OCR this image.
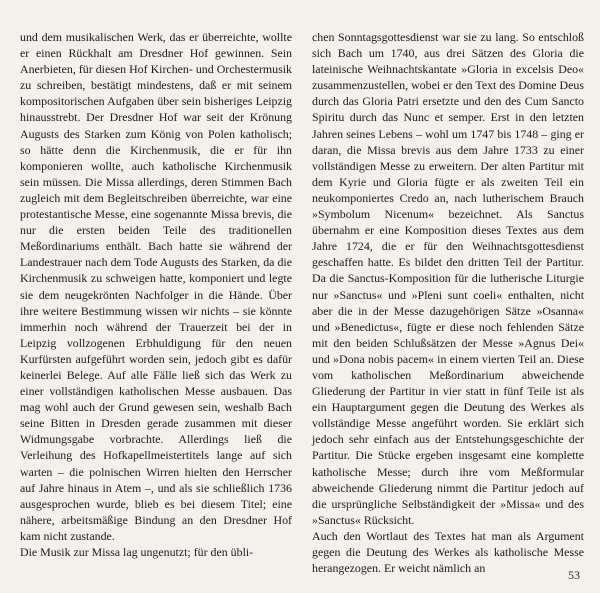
und dem musikalischen Werk, das er überreichte, wollte er einen Rückhalt am Dresdner Hof gewinnen. Sein Anerbieten, für diesen Hof Kirchen- und Orchestermusik zu schreiben, bestätigt mindestens, daß er mit seinem kompositorischen Aufgaben über sein bisheriges Leipzig hinausstrebt. Der Dresdner Hof war seit der Krönung Augusts des Starken zum König von Polen katholisch; so hätte denn die Kirchenmusik, die er für ihn komponieren wollte, auch katholische Kirchenmusik sein müssen. Die Missa allerdings, deren Stimmen Bach zugleich mit dem Begleitschreiben überreichte, war eine protestantische Messe, eine sogenannte Missa brevis, die nur die ersten beiden Teile des traditionellen Meßordinariums enthält. Bach hatte sie während der Landestrauer nach dem Tode Augusts des Starken, da die Kirchenmusik zu schweigen hatte, komponiert und legte sie dem neugekrönten Nachfolger in die Hände. Über ihre weitere Bestimmung wissen wir nichts – sie könnte immerhin noch während der Trauerzeit bei der in Leipzig vollzogenen Erbhuldigung für den neuen Kurfürsten aufgeführt worden sein, jedoch gibt es dafür keinerlei Belege. Auf alle Fälle ließ sich das Werk zu einer vollständigen katholischen Messe ausbauen. Das mag wohl auch der Grund gewesen sein, weshalb Bach seine Bitten in Dresden gerade zusammen mit dieser Widmungsgabe vorbrachte. Allerdings ließ die Verleihung des Hofkapellmeistertitels lange auf sich warten – die polnischen Wirren hielten den Herrscher auf Jahre hinaus in Atem –, und als sie schließlich 1736 ausgesprochen wurde, blieb es bei diesem Titel; eine nähere, arbeitsmäßige Bindung an den Dresdner Hof kam nicht zustande.

Die Musik zur Missa lag ungenutzt; für den übli-

chen Sonntagsgottesdienst war sie zu lang. So entschloß sich Bach um 1740, aus drei Sätzen des Gloria die lateinische Weihnachtskantate »Gloria in excelsis Deo« zusammenzustellen, wobei er den Text des Domine Deus durch das Gloria Patri ersetzte und den des Cum Sancto Spiritu durch das Nunc et semper. Erst in den letzten Jahren seines Lebens – wohl um 1747 bis 1748 – ging er daran, die Missa brevis aus dem Jahre 1733 zu einer vollständigen Messe zu erweitern. Der alten Partitur mit dem Kyrie und Gloria fügte er als zweiten Teil ein neukomponiertes Credo an, nach lutherischem Brauch »Symbolum Nicenum« bezeichnet. Als Sanctus übernahm er eine Komposition dieses Textes aus dem Jahre 1724, die er für den Weihnachtsgottesdienst geschaffen hatte. Es bildet den dritten Teil der Partitur. Da die Sanctus-Komposition für die lutherische Liturgie nur »Sanctus« und »Pleni sunt coeli« enthalten, nicht aber die in der Messe dazugehörigen Sätze »Osanna« und »Benedictus«, fügte er diese noch fehlenden Sätze mit den beiden Schlußsätzen der Messe »Agnus Dei« und »Dona nobis pacem« in einem vierten Teil an. Diese vom katholischen Meßordinarium abweichende Gliederung der Partitur in vier statt in fünf Teile ist als ein Hauptargument gegen die Deutung des Werkes als vollständige Messe angeführt worden. Sie erklärt sich jedoch sehr einfach aus der Entstehungsgeschichte der Partitur. Die Stücke ergeben insgesamt eine komplette katholische Messe; durch ihre vom Meßformular abweichende Gliederung nimmt die Partitur jedoch auf die ursprüngliche Selbständigkeit der »Missa« und des »Sanctus« Rücksicht.

Auch den Wortlaut des Textes hat man als Argument gegen die Deutung des Werkes als katholische Messe herangezogen. Er weicht nämlich an	53
